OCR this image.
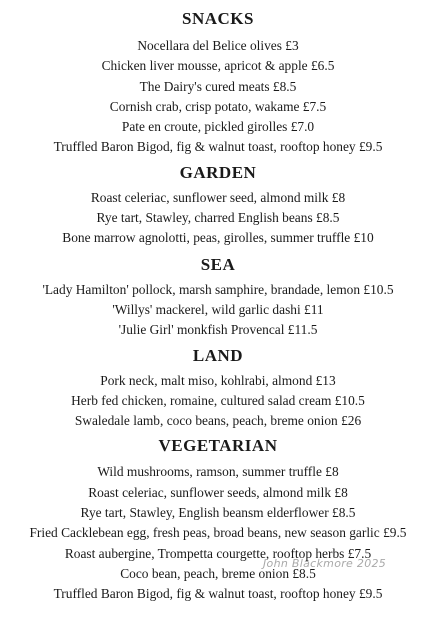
SNACKS

Nocellara del Belice olives £3

Chicken liver mousse, apricot & apple £6.5

The Dairy's cured meats £8.5

Cornish crab, crisp potato, wakame £7.5

Pate en croute, pickled girolles £7.0

Truffled Baron Bigod, fig & walnut toast, rooftop honey £9.5

GARDEN

Roast celeriac, sunflower seed, almond milk £8

Rye tart, Stawley, charred English beans £8.5

Bone marrow agnolotti, peas, girolles, summer truffle £10

SEA

'Lady Hamilton' pollock, marsh samphire, brandade, lemon £10.5

'Willys' mackerel, wild garlic dashi £11

'Julie Girl' monkfish Provencal £11.5

LAND

Pork neck, malt miso, kohlrabi, almond £13

Herb fed chicken, romaine, cultured salad cream £10.5

Swaledale lamb, coco beans, peach, breme onion £26

VEGETARIAN

Wild mushrooms, ramson, summer truffle £8

Roast celeriac, sunflower seeds, almond milk £8

Rye tart, Stawley, English beansm elderflower £8.5

Fried Cacklebean egg, fresh peas, broad beans, new season garlic £9.5

Roast aubergine, Trompetta courgette, rooftop herbs £7.5

Coco bean, peach, breme onion £8.5

Truffled Baron Bigod, fig & walnut toast, rooftop honey £9.5

John Blackmore 2025
